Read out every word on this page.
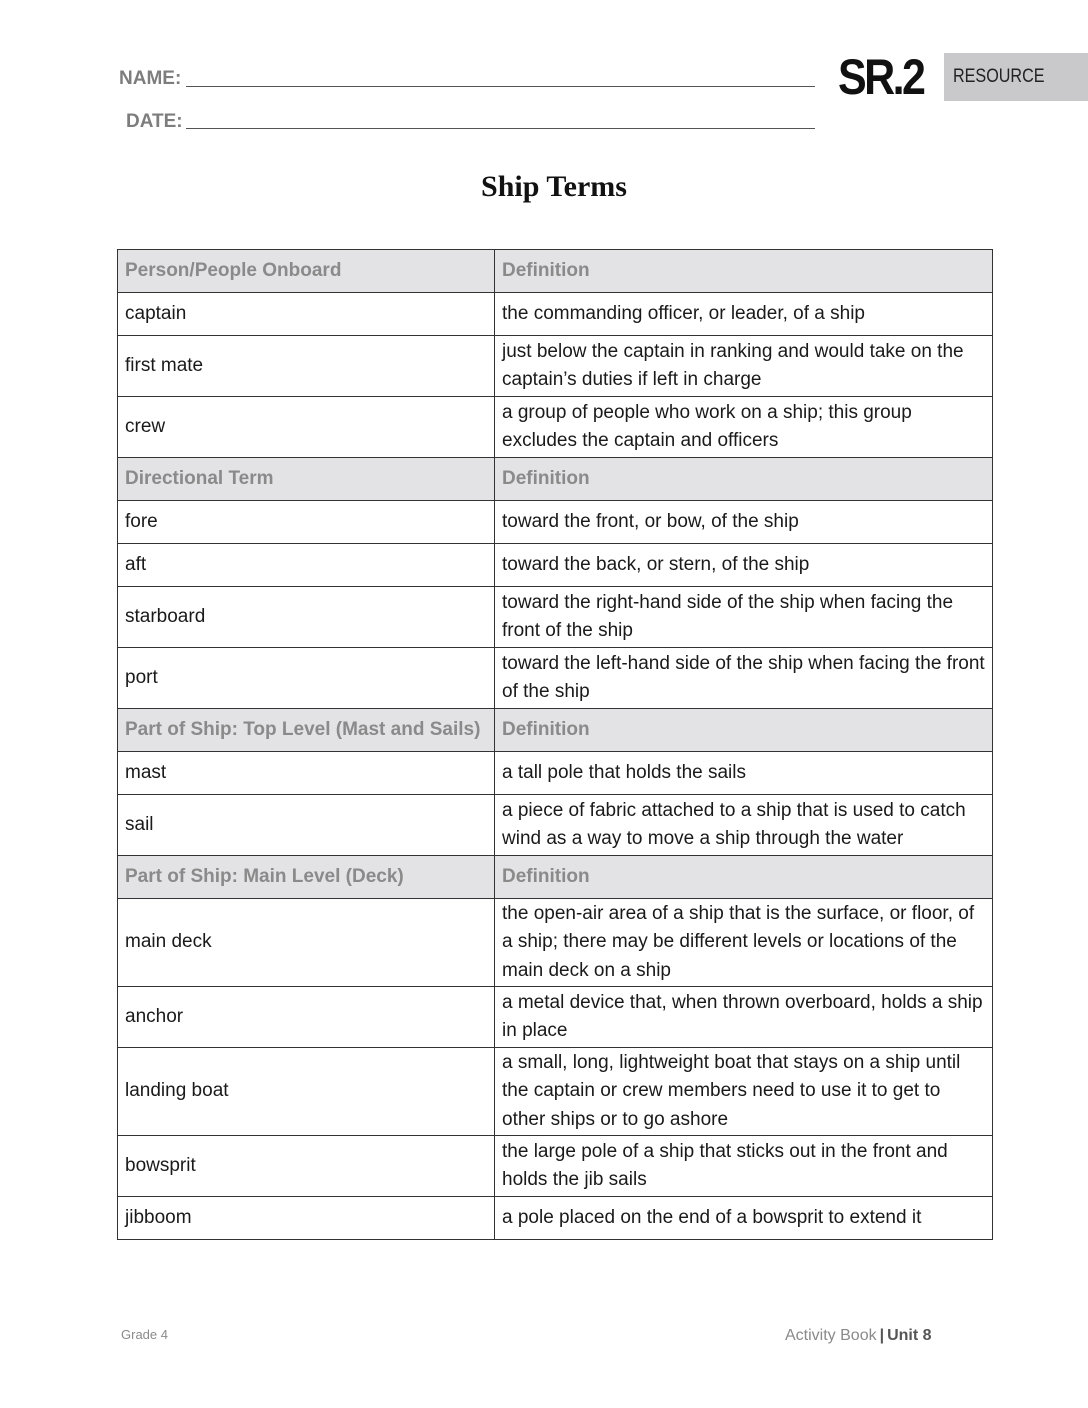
NAME:
DATE:
SR.2 RESOURCE
Ship Terms
Person/People Onboard	Definition
captain	the commanding officer, or leader, of a ship
first mate	just below the captain in ranking and would take on the captain’s duties if left in charge
crew	a group of people who work on a ship; this group excludes the captain and officers
Directional Term	Definition
fore	toward the front, or bow, of the ship
aft	toward the back, or stern, of the ship
starboard	toward the right-hand side of the ship when facing the front of the ship
port	toward the left-hand side of the ship when facing the front of the ship
Part of Ship: Top Level (Mast and Sails)	Definition
mast	a tall pole that holds the sails
sail	a piece of fabric attached to a ship that is used to catch wind as a way to move a ship through the water
Part of Ship: Main Level (Deck)	Definition
main deck	the open-air area of a ship that is the surface, or floor, of a ship; there may be different levels or locations of the main deck on a ship
anchor	a metal device that, when thrown overboard, holds a ship in place
landing boat	a small, long, lightweight boat that stays on a ship until the captain or crew members need to use it to get to other ships or to go ashore
bowsprit	the large pole of a ship that sticks out in the front and holds the jib sails
jibboom	a pole placed on the end of a bowsprit to extend it
Grade 4	Activity Book | Unit 8
